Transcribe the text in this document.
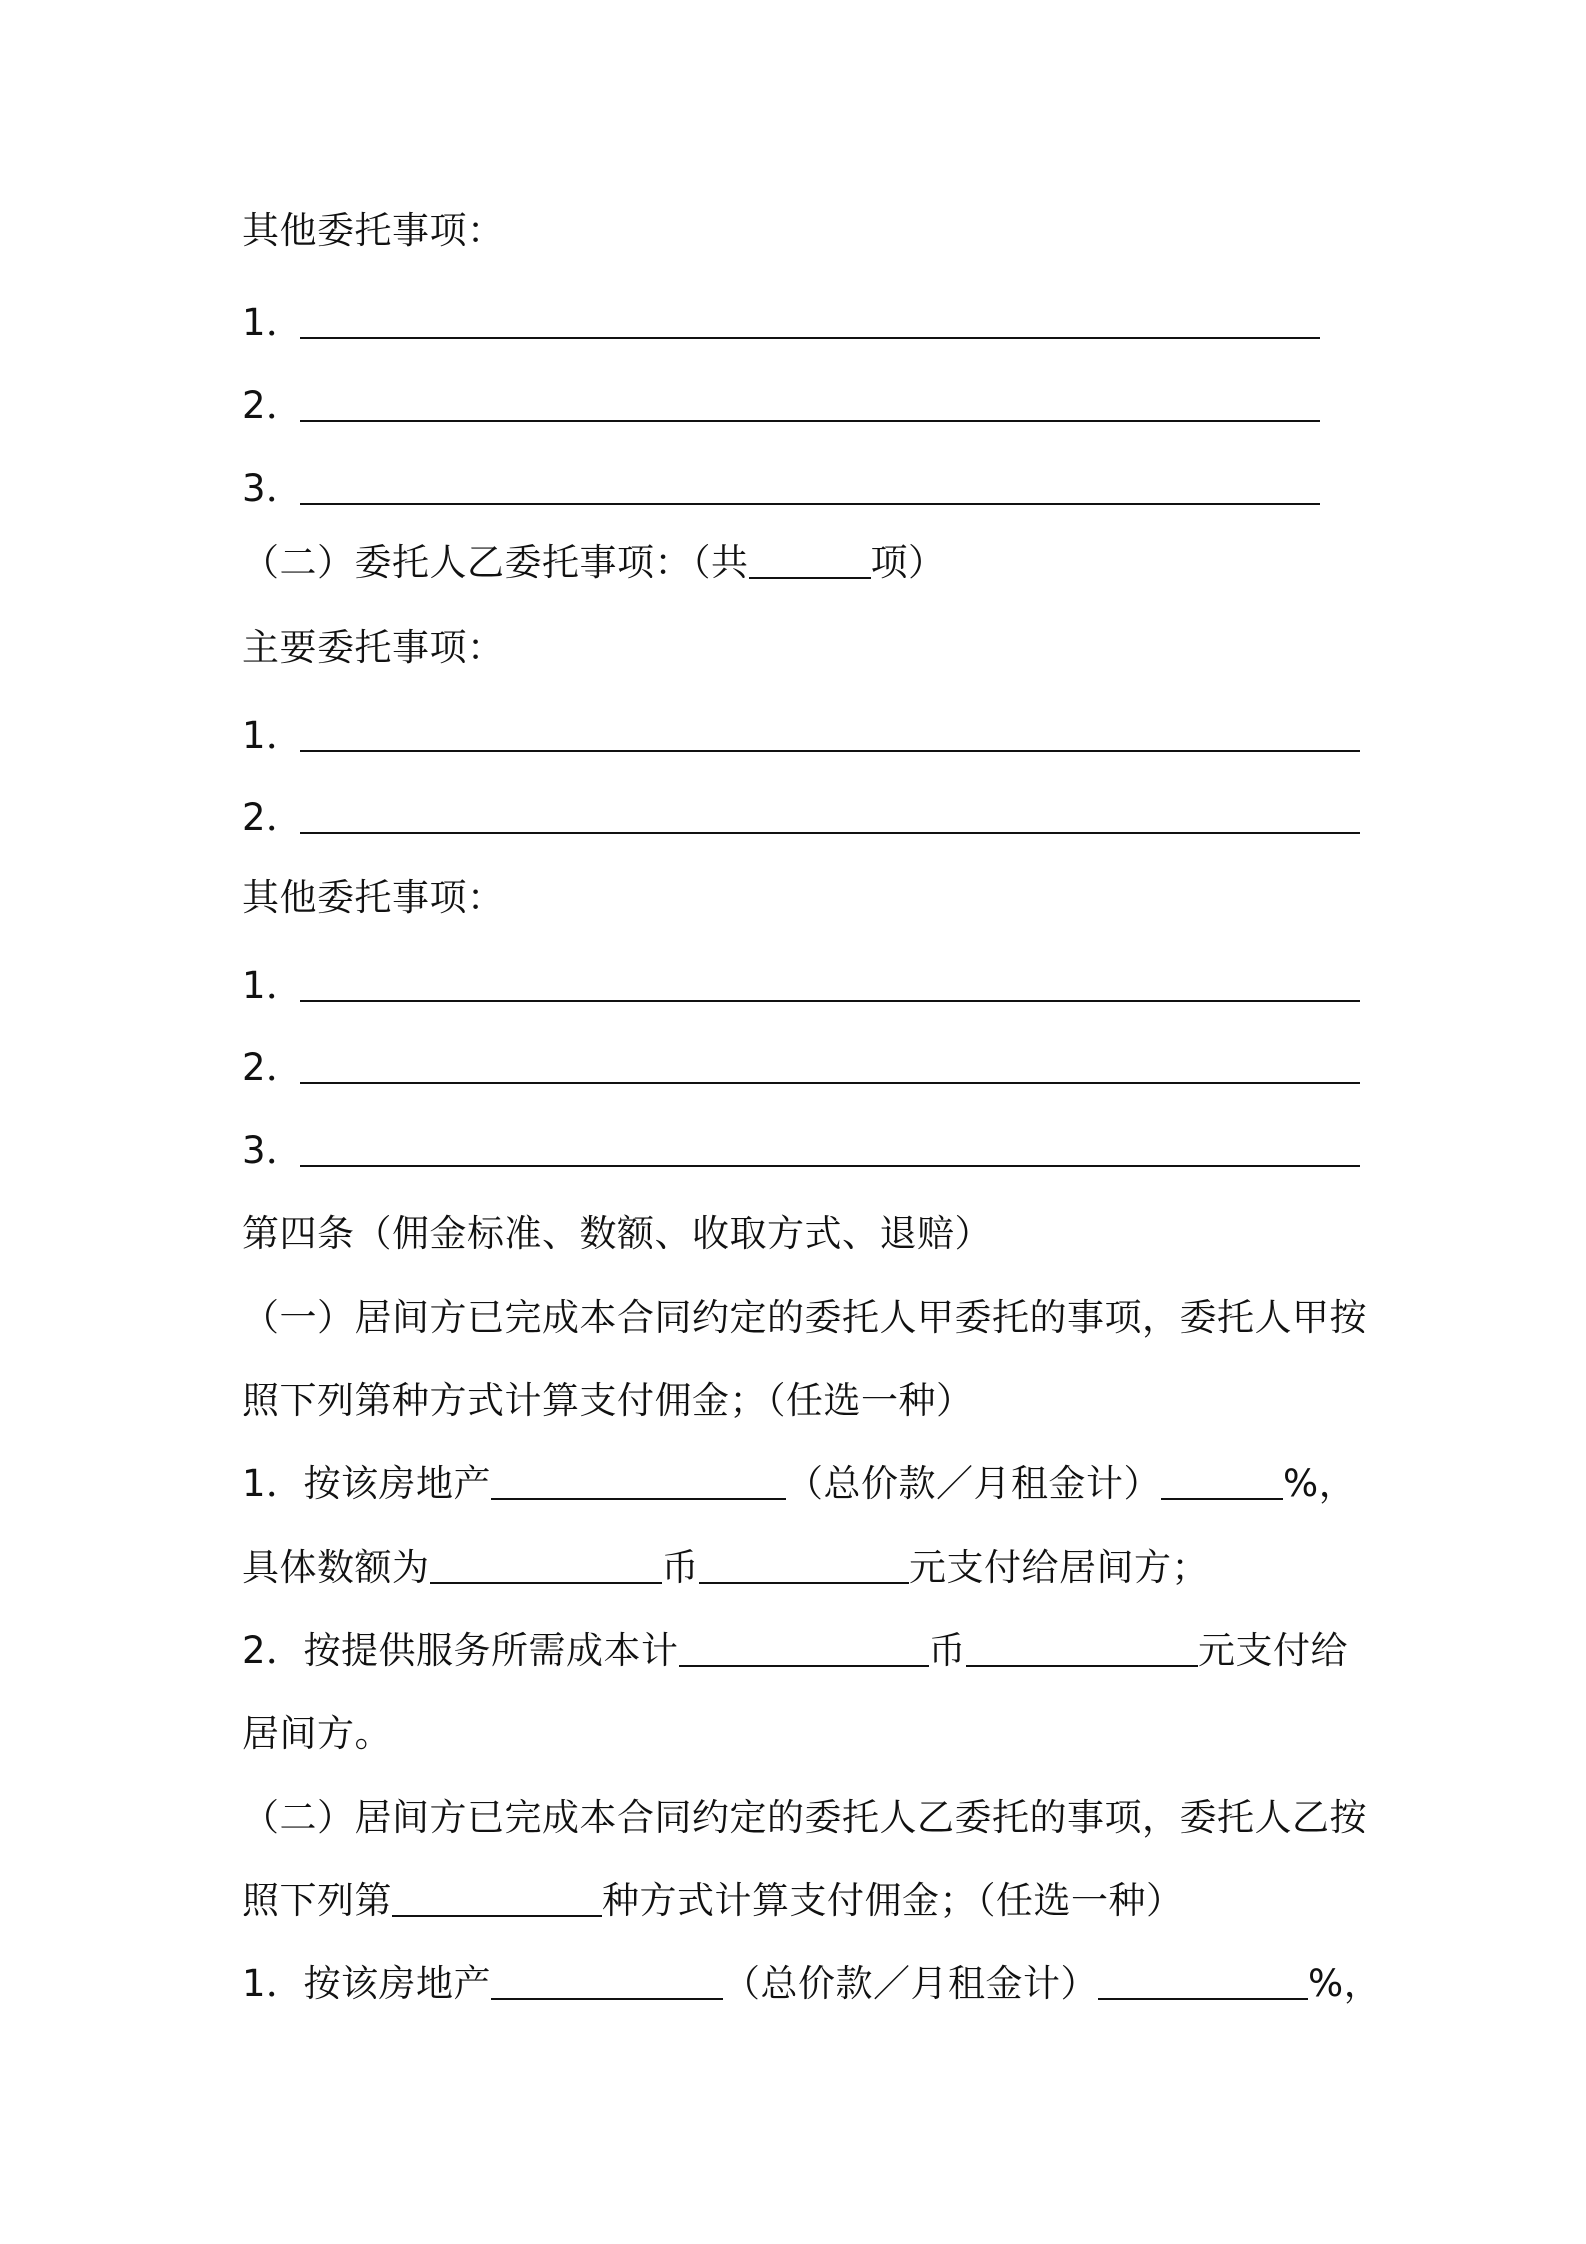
其他委托事项：

1．

2．

3．

（二）委托人乙委托事项：（共	项）

主要委托事项：

1．

2．

其他委托事项：

1．

2．

3．

第四条（佣金标准、数额、收取方式、退赔）

（一）居间方已完成本合同约定的委托人甲委托的事项，委托人甲按

照下列第种方式计算支付佣金；（任选一种）

1．按该房地产	（总价款／月租金计）	%，

具体数额为	币	元支付给居间方；

2．按提供服务所需成本计	币	元支付给

居间方。

（二）居间方已完成本合同约定的委托人乙委托的事项，委托人乙按

照下列第	种方式计算支付佣金；（任选一种）

1．按该房地产	（总价款／月租金计）	%，
